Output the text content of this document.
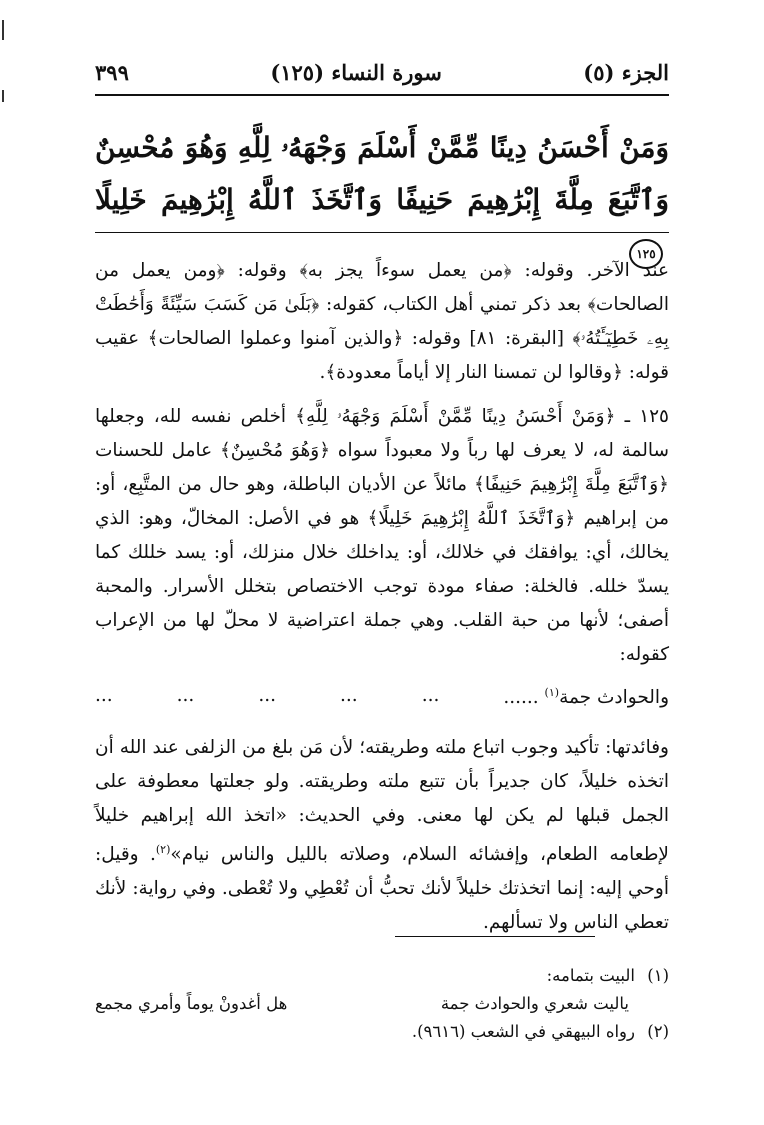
الجزء (٥)
سورة النساء (١٢٥)
٣٩٩
وَمَنْ أَحْسَنُ دِينًا مِّمَّنْ أَسْلَمَ وَجْهَهُۥ لِلَّهِ وَهُوَ مُحْسِنٌ وَٱتَّبَعَ مِلَّةَ إِبْرَٰهِيمَ حَنِيفًا وَٱتَّخَذَ ٱللَّهُ إِبْرَٰهِيمَ خَلِيلًا ١٢٥

عند الآخر. وقوله: ﴿من يعمل سوءاً يجز به﴾ وقوله: ﴿ومن يعمل من الصالحات﴾ بعد ذكر تمني أهل الكتاب، كقوله: ﴿بَلَىٰ مَن كَسَبَ سَيِّئَةً وَأَحَٰطَتْ بِهِۦ خَطِيٓـَٔتُهُۥ﴾ [البقرة: ٨١] وقوله: ﴿والذين آمنوا وعملوا الصالحات﴾ عقيب قوله: ﴿وقالوا لن تمسنا النار إلا أياماً معدودة﴾.

١٢٥ ـ ﴿وَمَنْ أَحْسَنُ دِينًا مِّمَّنْ أَسْلَمَ وَجْهَهُۥ لِلَّهِ﴾ أخلص نفسه لله، وجعلها سالمة له، لا يعرف لها رباً ولا معبوداً سواه ﴿وَهُوَ مُحْسِنٌ﴾ عامل للحسنات ﴿وَٱتَّبَعَ مِلَّةَ إِبْرَٰهِيمَ حَنِيفًا﴾ مائلاً عن الأديان الباطلة، وهو حال من المتَّبِع، أو: من إبراهيم ﴿وَٱتَّخَذَ ٱللَّهُ إِبْرَٰهِيمَ خَلِيلًا﴾ هو في الأصل: المخالّ، وهو: الذي يخالك، أي: يوافقك في خلالك، أو: يداخلك خلال منزلك، أو: يسد خللك كما يسدّ خلله. فالخلة: صفاء مودة توجب الاختصاص بتخلل الأسرار. والمحبة أصفى؛ لأنها من حبة القلب. وهي جملة اعتراضية لا محلّ لها من الإعراب كقوله:

والحوادث جمة$^{(١)}$ ......
...
...
...
...
...

وفائدتها: تأكيد وجوب اتباع ملته وطريقته؛ لأن مَن بلغ من الزلفى عند الله أن اتخذه خليلاً، كان جديراً بأن تتبع ملته وطريقته. ولو جعلتها معطوفة على الجمل قبلها لم يكن لها معنى. وفي الحديث: «اتخذ الله إبراهيم خليلاً لإطعامه الطعام، وإفشائه السلام، وصلاته بالليل والناس نيام»$^{(٢)}$. وقيل: أوحي إليه: إنما اتخذتك خليلاً لأنك تحبُّ أن تُعْطِي ولا تُعْطى. وفي رواية: لأنك تعطي الناس ولا تسألهم.

(١)البيت بتمامه:

ياليت شعري والحوادث جمة
هل أغدونْ يوماً وأمري مجمع

(٢)رواه البيهقي في الشعب (٩٦١٦).
